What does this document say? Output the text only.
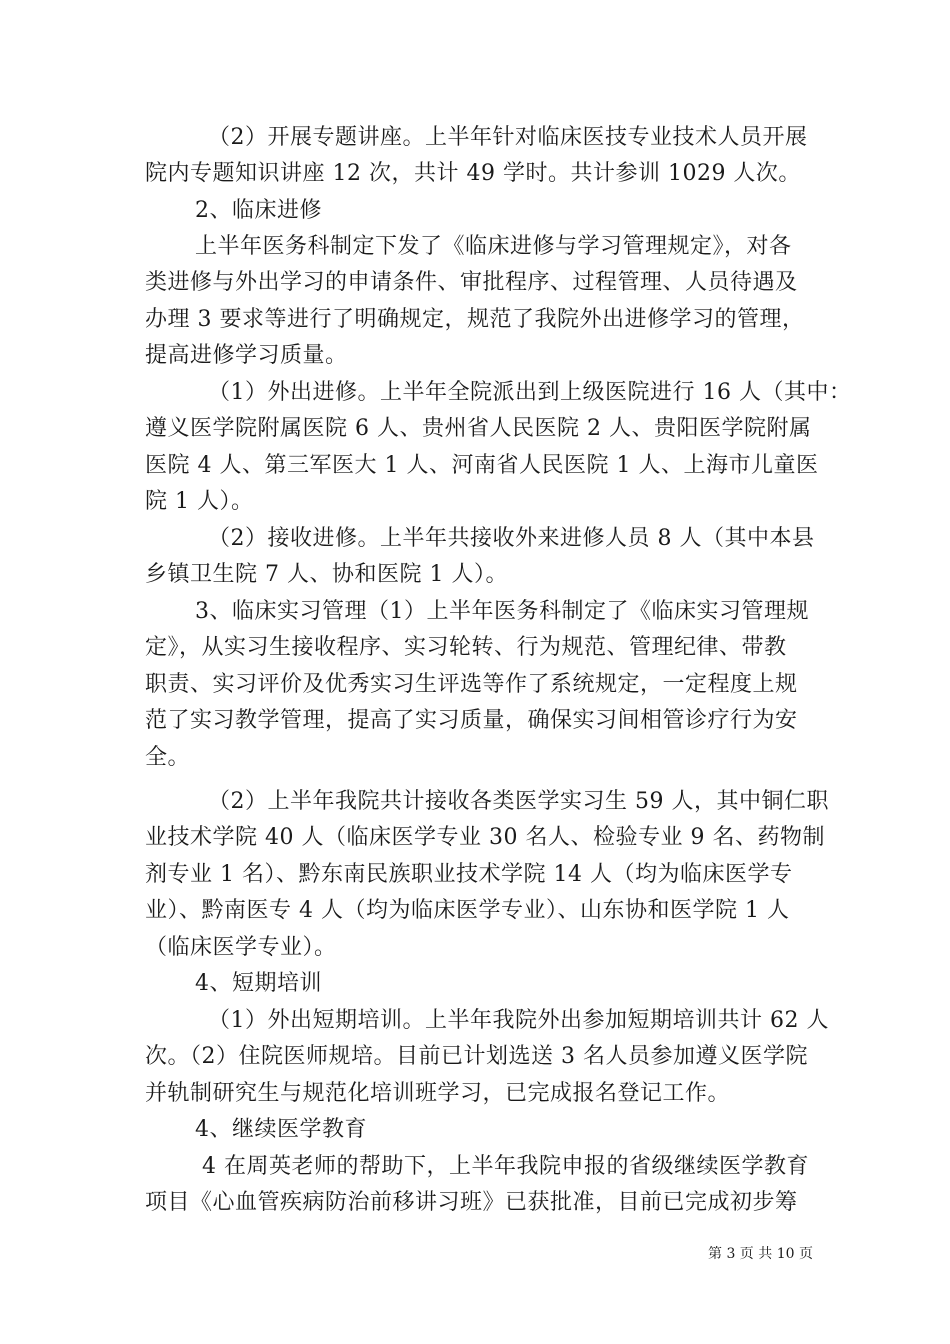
（2）开展专题讲座。上半年针对临床医技专业技术人员开展
院内专题知识讲座 12 次，共计 49 学时。共计参训 1029 人次。
2、临床进修
上半年医务科制定下发了《临床进修与学习管理规定》，对各
类进修与外出学习的申请条件、审批程序、过程管理、人员待遇及
办理 3 要求等进行了明确规定，规范了我院外出进修学习的管理，
提高进修学习质量。
（1）外出进修。上半年全院派出到上级医院进行 16 人（其中：
遵义医学院附属医院 6 人、贵州省人民医院 2 人、贵阳医学院附属
医院 4 人、第三军医大 1 人、河南省人民医院 1 人、上海市儿童医
院 1 人）。
（2）接收进修。上半年共接收外来进修人员 8 人（其中本县
乡镇卫生院 7 人、协和医院 1 人）。
3、临床实习管理（1）上半年医务科制定了《临床实习管理规
定》，从实习生接收程序、实习轮转、行为规范、管理纪律、带教
职责、实习评价及优秀实习生评选等作了系统规定，一定程度上规
范了实习教学管理，提高了实习质量，确保实习间相管诊疗行为安
全。
（2）上半年我院共计接收各类医学实习生 59 人，其中铜仁职
业技术学院 40 人（临床医学专业 30 名人、检验专业 9 名、药物制
剂专业 1 名）、黔东南民族职业技术学院 14 人（均为临床医学专
业）、黔南医专 4 人（均为临床医学专业）、山东协和医学院 1 人
（临床医学专业）。
4、短期培训
（1）外出短期培训。上半年我院外出参加短期培训共计 62 人
次。（2）住院医师规培。目前已计划选送 3 名人员参加遵义医学院
并轨制研究生与规范化培训班学习，已完成报名登记工作。
4、继续医学教育
4 在周英老师的帮助下，上半年我院申报的省级继续医学教育
项目《心血管疾病防治前移讲习班》已获批准，目前已完成初步筹
第 3 页 共 10 页
